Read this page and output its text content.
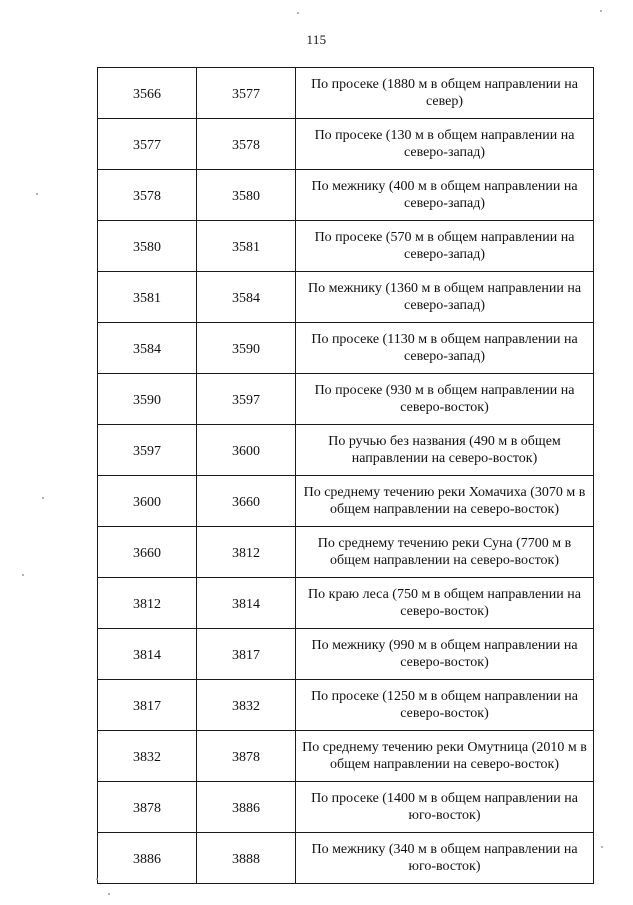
115
3566	3577	По просеке (1880 м в общем направлении на север)
3577	3578	По просеке (130 м в общем направлении на северо-запад)
3578	3580	По межнику (400 м в общем направлении на северо-запад)
3580	3581	По просеке (570 м в общем направлении на северо-запад)
3581	3584	По межнику (1360 м в общем направлении на северо-запад)
3584	3590	По просеке (1130 м в общем направлении на северо-запад)
3590	3597	По просеке (930 м в общем направлении на северо-восток)
3597	3600	По ручью без названия (490 м в общем направлении на северо-восток)
3600	3660	По среднему течению реки Хомачиха (3070 м в общем направлении на северо-восток)
3660	3812	По среднему течению реки Суна (7700 м в общем направлении на северо-восток)
3812	3814	По краю леса (750 м в общем направлении на северо-восток)
3814	3817	По межнику (990 м в общем направлении на северо-восток)
3817	3832	По просеке (1250 м в общем направлении на северо-восток)
3832	3878	По среднему течению реки Омутница (2010 м в общем направлении на северо-восток)
3878	3886	По просеке (1400 м в общем направлении на юго-восток)
3886	3888	По межнику (340 м в общем направлении на юго-восток)
